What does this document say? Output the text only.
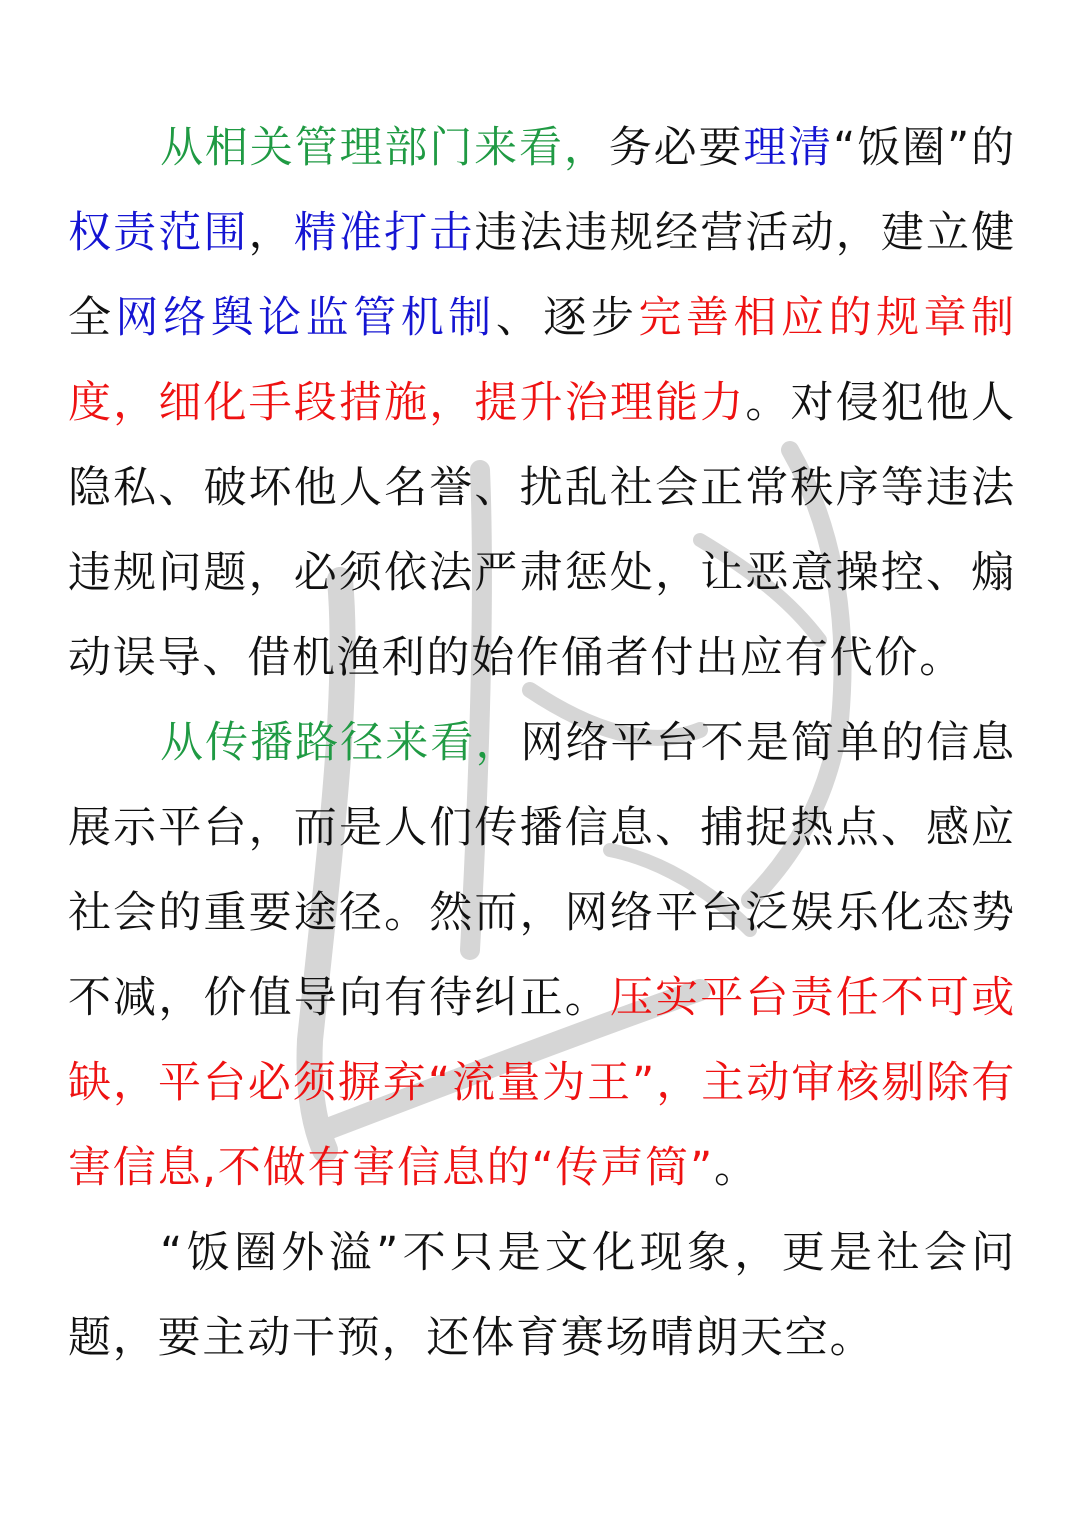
从相关管理部门来看，务必要理清“饭圈”的权责范围，精准打击违法违规经营活动，建立健全网络舆论监管机制、逐步完善相应的规章制度，细化手段措施，提升治理能力。对侵犯他人隐私、破坏他人名誉、扰乱社会正常秩序等违法违规问题，必须依法严肃惩处，让恶意操控、煽动误导、借机渔利的始作俑者付出应有代价。

从传播路径来看，网络平台不是简单的信息展示平台，而是人们传播信息、捕捉热点、感应社会的重要途径。然而，网络平台泛娱乐化态势不减，价值导向有待纠正。压实平台责任不可或缺，平台必须摒弃“流量为王”，主动审核剔除有害信息,不做有害信息的“传声筒”。

“饭圈外溢”不只是文化现象，更是社会问题，要主动干预，还体育赛场晴朗天空。
